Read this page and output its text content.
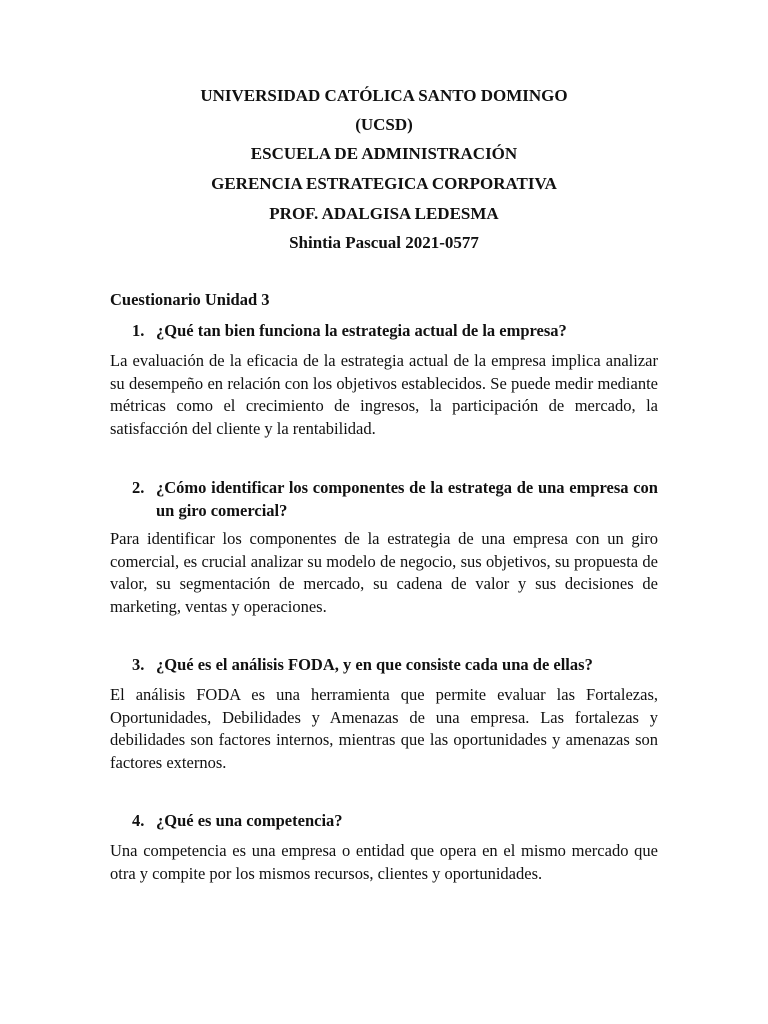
UNIVERSIDAD CATÓLICA SANTO DOMINGO
(UCSD)
ESCUELA DE ADMINISTRACIÓN
GERENCIA ESTRATEGICA CORPORATIVA
PROF. ADALGISA LEDESMA
Shintia Pascual 2021-0577
Cuestionario Unidad 3
1. ¿Qué tan bien funciona la estrategia actual de la empresa?
La evaluación de la eficacia de la estrategia actual de la empresa implica analizar su desempeño en relación con los objetivos establecidos. Se puede medir mediante métricas como el crecimiento de ingresos, la participación de mercado, la satisfacción del cliente y la rentabilidad.
2. ¿Cómo identificar los componentes de la estratega de una empresa con un giro comercial?
Para identificar los componentes de la estrategia de una empresa con un giro comercial, es crucial analizar su modelo de negocio, sus objetivos, su propuesta de valor, su segmentación de mercado, su cadena de valor y sus decisiones de marketing, ventas y operaciones.
3. ¿Qué es el análisis FODA, y en que consiste cada una de ellas?
El análisis FODA es una herramienta que permite evaluar las Fortalezas, Oportunidades, Debilidades y Amenazas de una empresa. Las fortalezas y debilidades son factores internos, mientras que las oportunidades y amenazas son factores externos.
4. ¿Qué es una competencia?
Una competencia es una empresa o entidad que opera en el mismo mercado que otra y compite por los mismos recursos, clientes y oportunidades.
